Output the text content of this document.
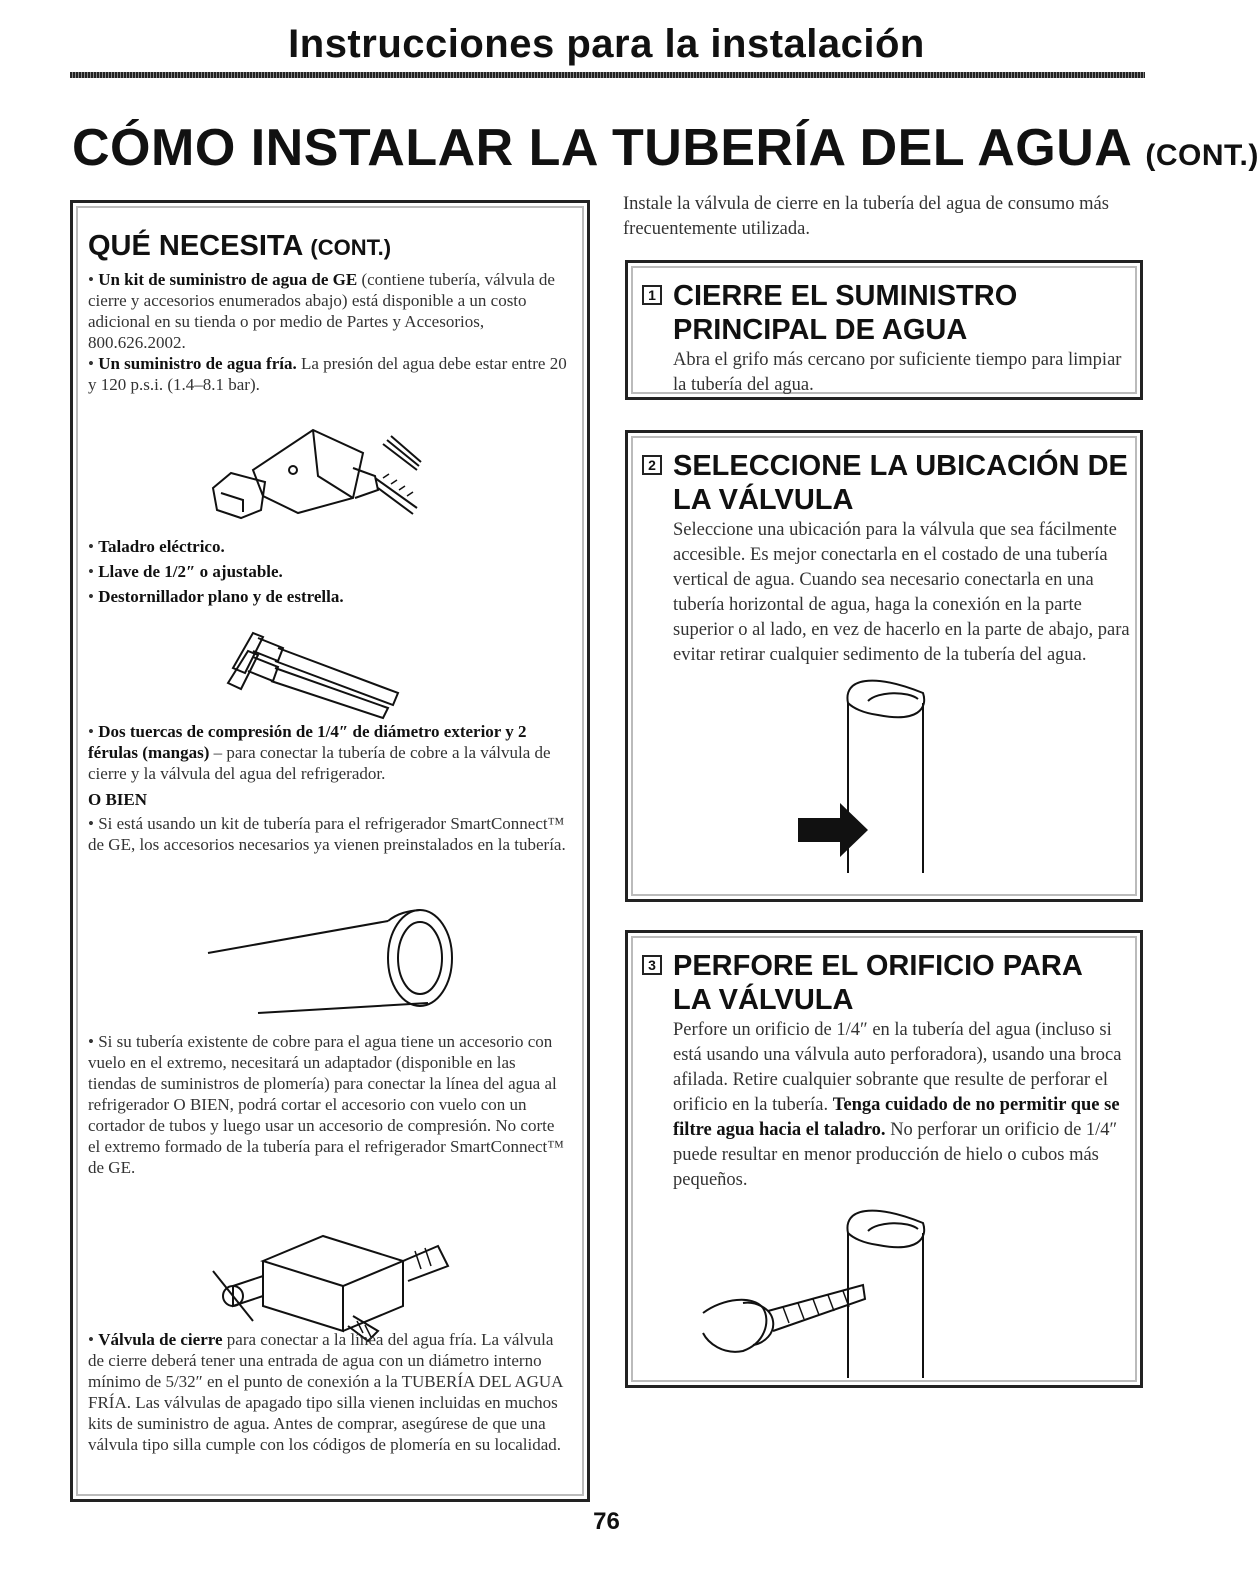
Instrucciones para la instalación
CÓMO INSTALAR LA TUBERÍA DEL AGUA (CONT.)
QUÉ NECESITA (CONT.)
• Un kit de suministro de agua de GE (contiene tubería, válvula de cierre y accesorios enumerados abajo) está disponible a un costo adicional en su tienda o por medio de Partes y Accesorios, 800.626.2002.
• Un suministro de agua fría. La presión del agua debe estar entre 20 y 120 p.s.i. (1.4–8.1 bar).
• Taladro eléctrico.
• Llave de 1/2″ o ajustable.
• Destornillador plano y de estrella.
• Dos tuercas de compresión de 1/4″ de diámetro exterior y 2 férulas (mangas) – para conectar la tubería de cobre a la válvula de cierre y la válvula del agua del refrigerador.
O BIEN
• Si está usando un kit de tubería para el refrigerador SmartConnect™ de GE, los accesorios necesarios ya vienen preinstalados en la tubería.
• Si su tubería existente de cobre para el agua tiene un accesorio con vuelo en el extremo, necesitará un adaptador (disponible en las tiendas de suministros de plomería) para conectar la línea del agua al refrigerador O BIEN, podrá cortar el accesorio con vuelo con un cortador de tubos y luego usar un accesorio de compresión. No corte el extremo formado de la tubería para el refrigerador SmartConnect™ de GE.
• Válvula de cierre para conectar a la línea del agua fría. La válvula de cierre deberá tener una entrada de agua con un diámetro interno mínimo de 5/32″ en el punto de conexión a la TUBERÍA DEL AGUA FRÍA. Las válvulas de apagado tipo silla vienen incluidas en muchos kits de suministro de agua. Antes de comprar, asegúrese de que una válvula tipo silla cumple con los códigos de plomería en su localidad.
Instale la válvula de cierre en la tubería del agua de consumo más frecuentemente utilizada.
1 CIERRE EL SUMINISTRO
PRINCIPAL DE AGUA
Abra el grifo más cercano por suficiente tiempo para limpiar la tubería del agua.
2 SELECCIONE LA UBICACIÓN DE
LA VÁLVULA
Seleccione una ubicación para la válvula que sea fácilmente accesible. Es mejor conectarla en el costado de una tubería vertical de agua. Cuando sea necesario conectarla en una tubería horizontal de agua, haga la conexión en la parte superior o al lado, en vez de hacerlo en la parte de abajo, para evitar retirar cualquier sedimento de la tubería del agua.
3 PERFORE EL ORIFICIO PARA
LA VÁLVULA
Perfore un orificio de 1/4″ en la tubería del agua (incluso si está usando una válvula auto perforadora), usando una broca afilada. Retire cualquier sobrante que resulte de perforar el orificio en la tubería. Tenga cuidado de no permitir que se filtre agua hacia el taladro. No perforar un orificio de 1/4″ puede resultar en menor producción de hielo o cubos más pequeños.
76
